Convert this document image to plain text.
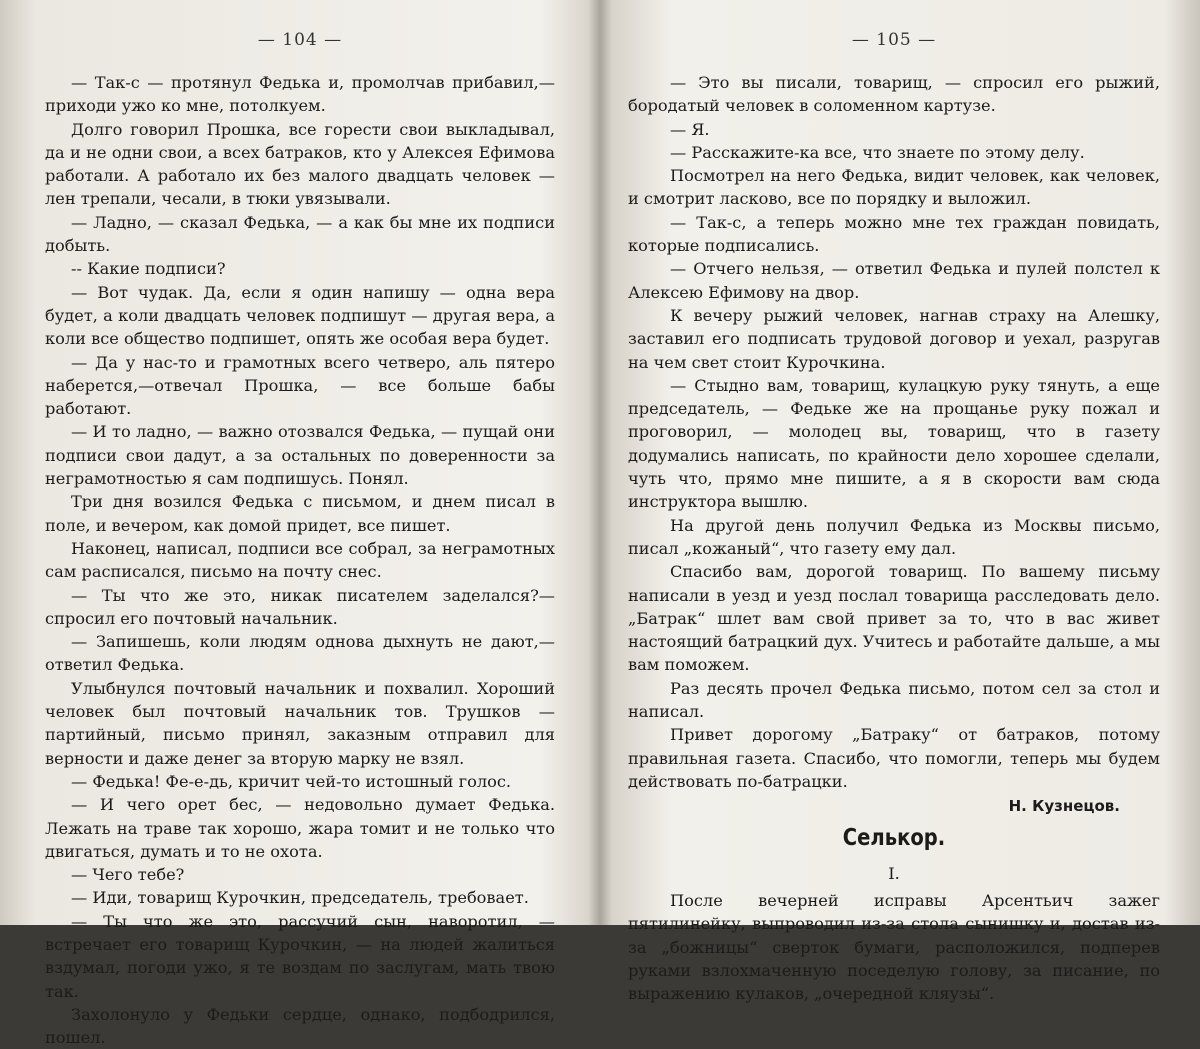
— 104 —

— Так-с — протянул Федька и, промолчав прибавил,— приходи ужо ко мне, потолкуем.

Долго говорил Прошка, все горести свои выкладывал, да и не одни свои, а всех батраков, кто у Алексея Ефимова работали. А работало их без малого двадцать человек — лен трепали, чесали, в тюки увязывали.

— Ладно, — сказал Федька, — а как бы мне их подписи добыть.

-- Какие подписи?

— Вот чудак. Да, если я один напишу — одна вера будет, а коли двадцать человек подпишут — другая вера, а коли все общество подпишет, опять же особая вера будет.

— Да у нас-то и грамотных всего четверо, аль пятеро наберется,—отвечал Прошка, — все больше бабы работают.

— И то ладно, — важно отозвался Федька, — пущай они подписи свои дадут, а за остальных по доверенности за неграмотностью я сам подпишусь. Понял.

Три дня возился Федька с письмом, и днем писал в поле, и вечером, как домой придет, все пишет.

Наконец, написал, подписи все собрал, за неграмотных сам расписался, письмо на почту снес.

— Ты что же это, никак писателем заделался?—спросил его почтовый начальник.

— Запишешь, коли людям однова дыхнуть не дают,— ответил Федька.

Улыбнулся почтовый начальник и похвалил. Хороший человек был почтовый начальник тов. Трушков — партийный, письмо принял, заказным отправил для верности и даже денег за вторую марку не взял.

— Федька! Фе-е-дь, кричит чей-то истошный голос.

— И чего орет бес, — недовольно думает Федька. Лежать на траве так хорошо, жара томит и не только что двигаться, думать и то не охота.

— Чего тебе?

— Иди, товарищ Курочкин, председатель, требовает.

— Ты что же это, рассучий сын, наворотил, — встречает его товарищ Курочкин, — на людей жалиться вздумал, погоди ужо, я те воздам по заслугам, мать твою так.

Захолонуло у Федьки сердце, однако, подбодрился, пошел.

— 105 —

— Это вы писали, товарищ, — спросил его рыжий, бородатый человек в соломенном картузе.

— Я.

— Расскажите-ка все, что знаете по этому делу.

Посмотрел на него Федька, видит человек, как человек, и смотрит ласково, все по порядку и выложил.

— Так-с, а теперь можно мне тех граждан повидать, которые подписались.

— Отчего нельзя, — ответил Федька и пулей полстел к Алексею Ефимову на двор.

К вечеру рыжий человек, нагнав страху на Алешку, заставил его подписать трудовой договор и уехал, разругав на чем свет стоит Курочкина.

— Стыдно вам, товарищ, кулацкую руку тянуть, а еще председатель, — Федьке же на прощанье руку пожал и проговорил, — молодец вы, товарищ, что в газету додумались написать, по крайности дело хорошее сделали, чуть что, прямо мне пишите, а я в скорости вам сюда инструктора вышлю.

На другой день получил Федька из Москвы письмо, писал „кожаный“, что газету ему дал.

Спасибо вам, дорогой товарищ. По вашему письму написали в уезд и уезд послал товарища расследовать дело. „Батрак“ шлет вам свой привет за то, что в вас живет настоящий батрацкий дух. Учитесь и работайте дальше, а мы вам поможем.

Раз десять прочел Федька письмо, потом сел за стол и написал.

Привет дорогому „Батраку“ от батраков, потому правильная газета. Спасибо, что помогли, теперь мы будем действовать по-батрацки.

Н. Кузнецов.
Селькор.
I.

После вечерней исправы Арсентьич зажег пятилинейку, выпроводил из-за стола сынишку и, достав из-за „божницы“ сверток бумаги, расположился, подперев руками взлохмаченную поседелую голову, за писание, по выражению кулаков, „очередной кляузы“.
